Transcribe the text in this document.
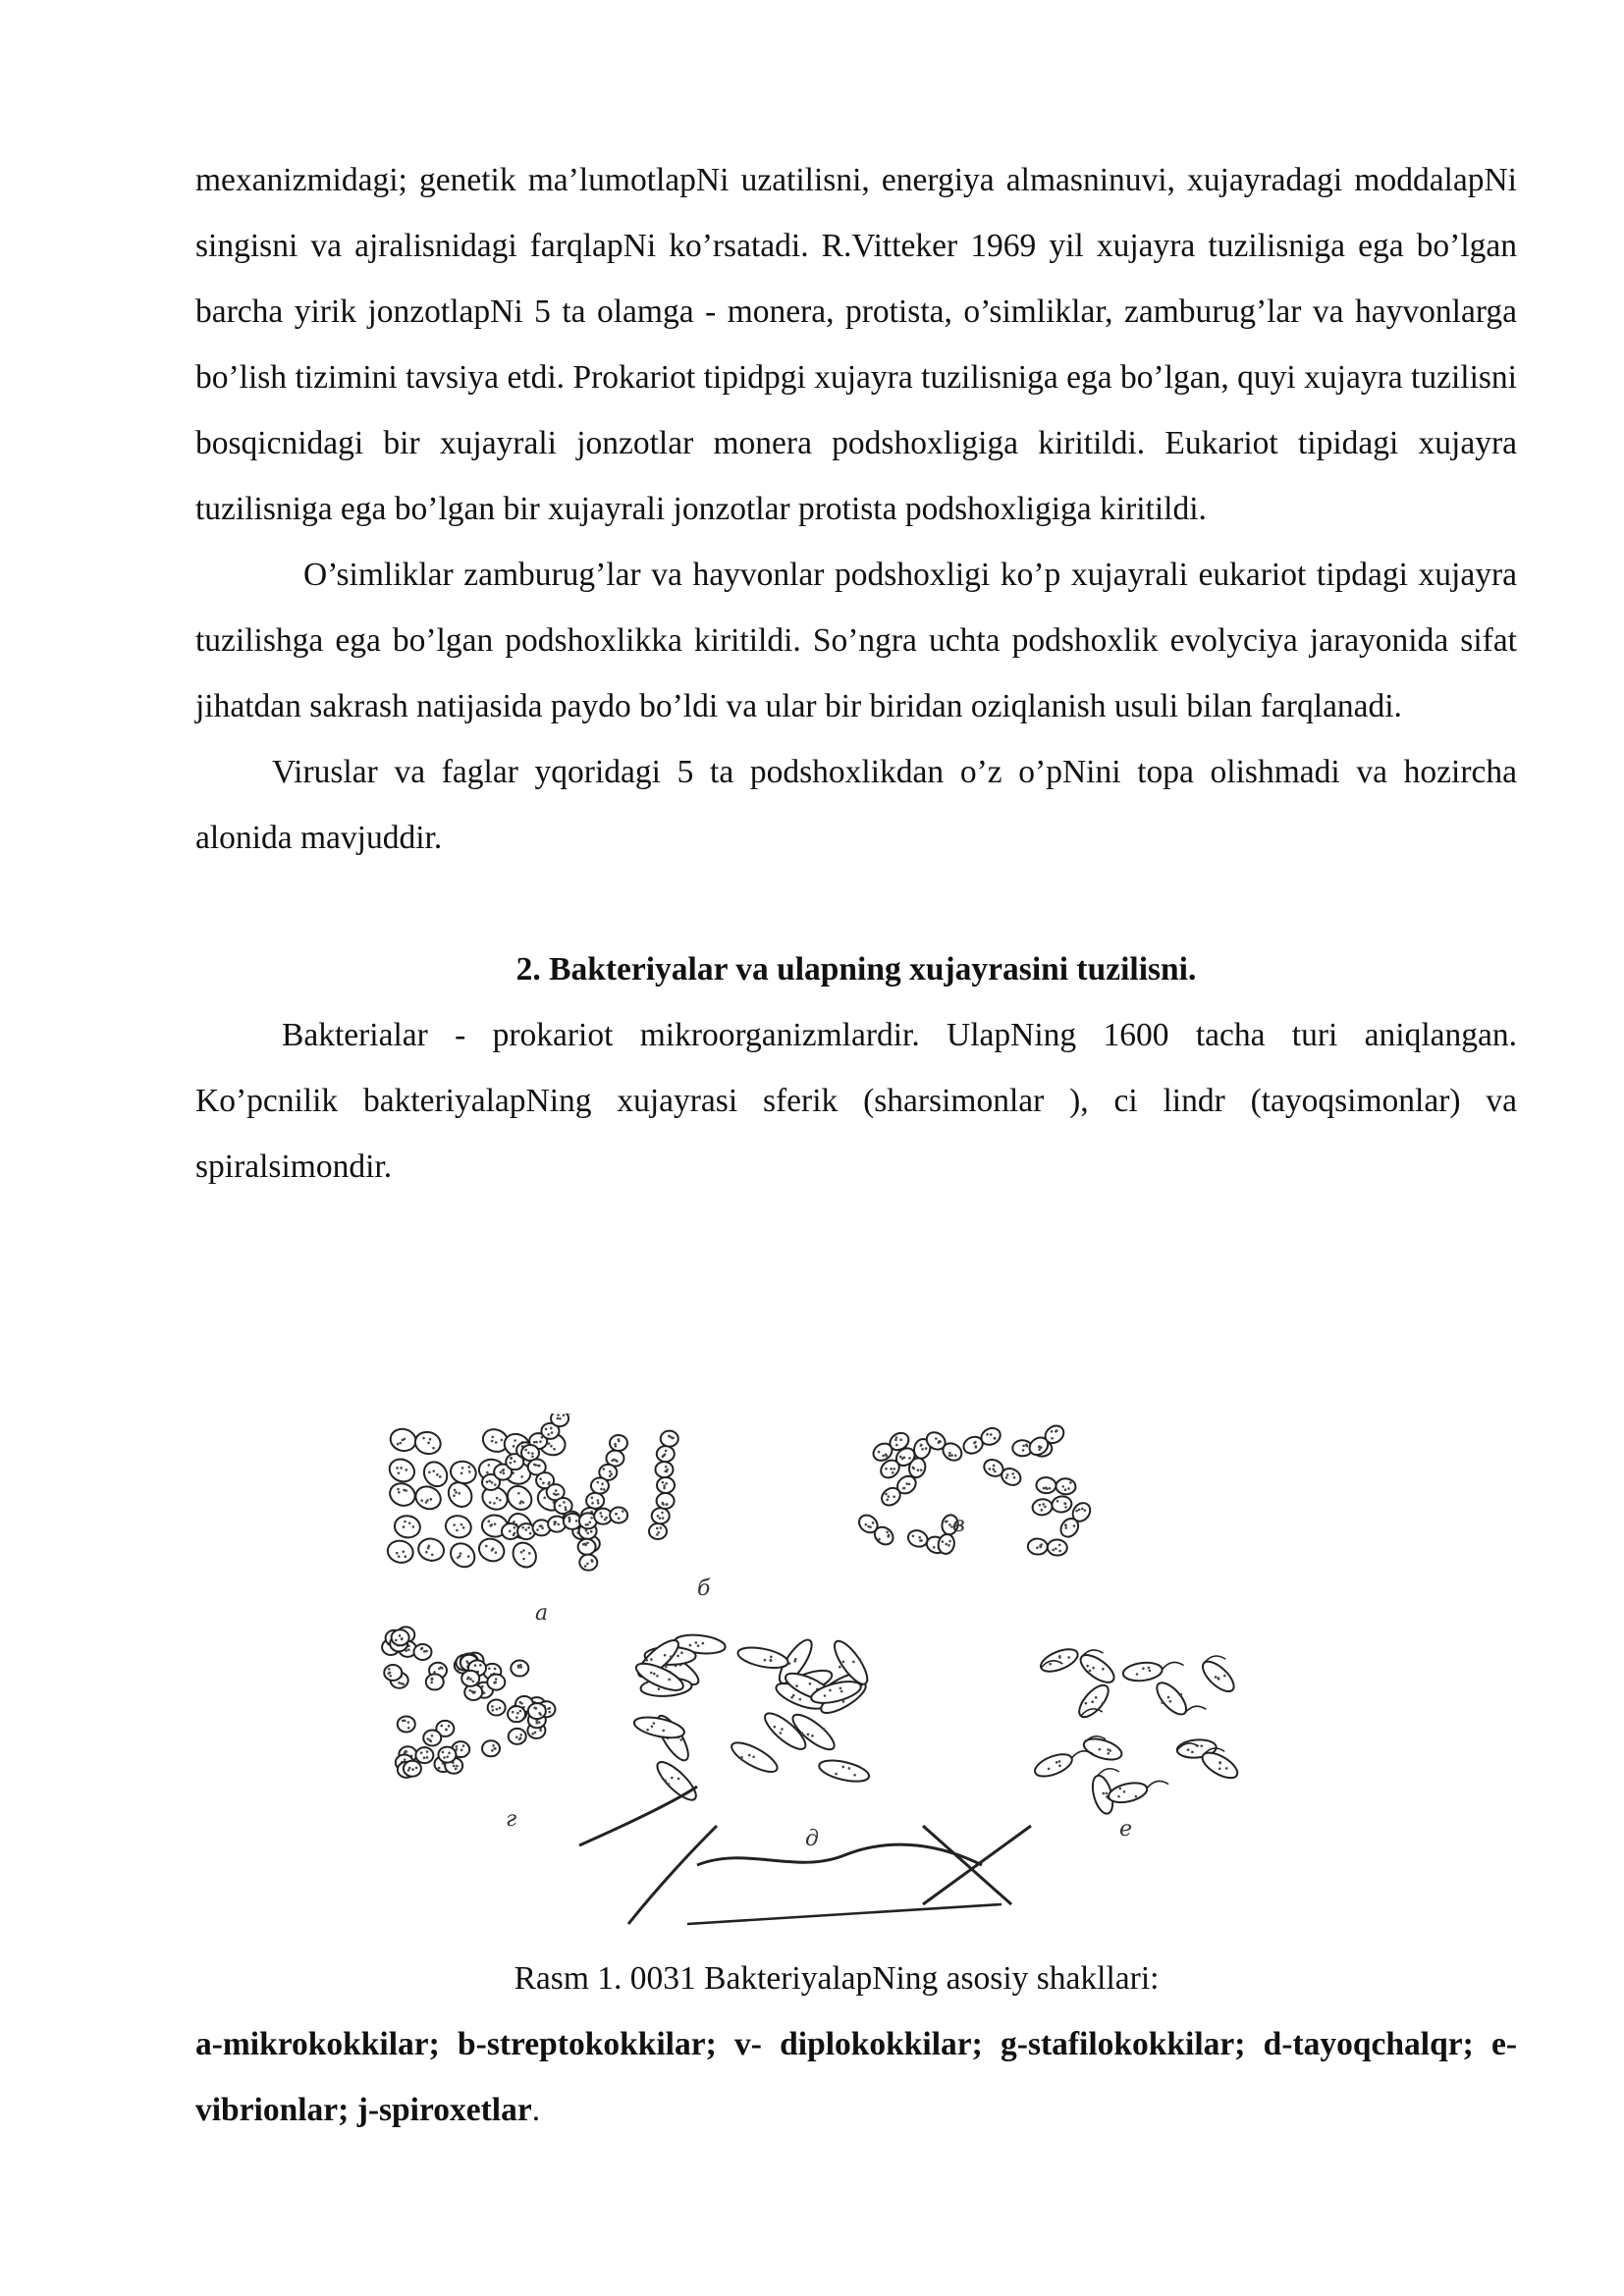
mexanizmidagi; genetik ma’lumotlapNi uzatilisni, energiya almasninuvi, xujayradagi moddalapNi singisni va ajralisnidagi farqlapNi ko’rsatadi. R.Vitteker 1969 yil xujayra tuzilisniga ega bo’lgan barcha yirik jonzotlapNi 5 ta olamga - monera, protista, o’simliklar, zamburug’lar va hayvonlarga bo’lish tizimini tavsiya etdi. Prokariot tipidpgi xujayra tuzilisniga ega bo’lgan, quyi xujayra tuzilisni bosqicnidagi bir xujayrali jonzotlar monera podshoxligiga kiritildi. Eukariot tipidagi xujayra tuzilisniga ega bo’lgan bir xujayrali jonzotlar protista podshoxligiga kiritildi.

O’simliklar zamburug’lar va hayvonlar podshoxligi ko’p xujayrali eukariot tipdagi xujayra tuzilishga ega bo’lgan podshoxlikka kiritildi. So’ngra uchta podshoxlik evolyciya jarayonida sifat jihatdan sakrash natijasida paydo bo’ldi va ular bir biridan oziqlanish usuli bilan farqlanadi.

Viruslar va faglar yqoridagi 5 ta podshoxlikdan o’z o’pNini topa olishmadi va hozircha alonida mavjuddir.

2. Bakteriyalar va ulapning xujayrasini tuzilisni.

Bakterialar - prokariot mikroorganizmlardir. UlapNing 1600 tacha turi aniqlangan. Ko’pcnilik bakteriyalapNing xujayrasi sferik (sharsimonlar ), ci lindr (tayoqsimonlar) va spiralsimondir.

a
б
в
г
д	е
Rasm 1. 0031 BakteriyalapNing asosiy shakllari:
a-mikrokokkilar; b-streptokokkilar; v- diplokokkilar; g-stafilokokkilar; d-tayoqchalqr; e-vibrionlar; j-spiroxetlar.
